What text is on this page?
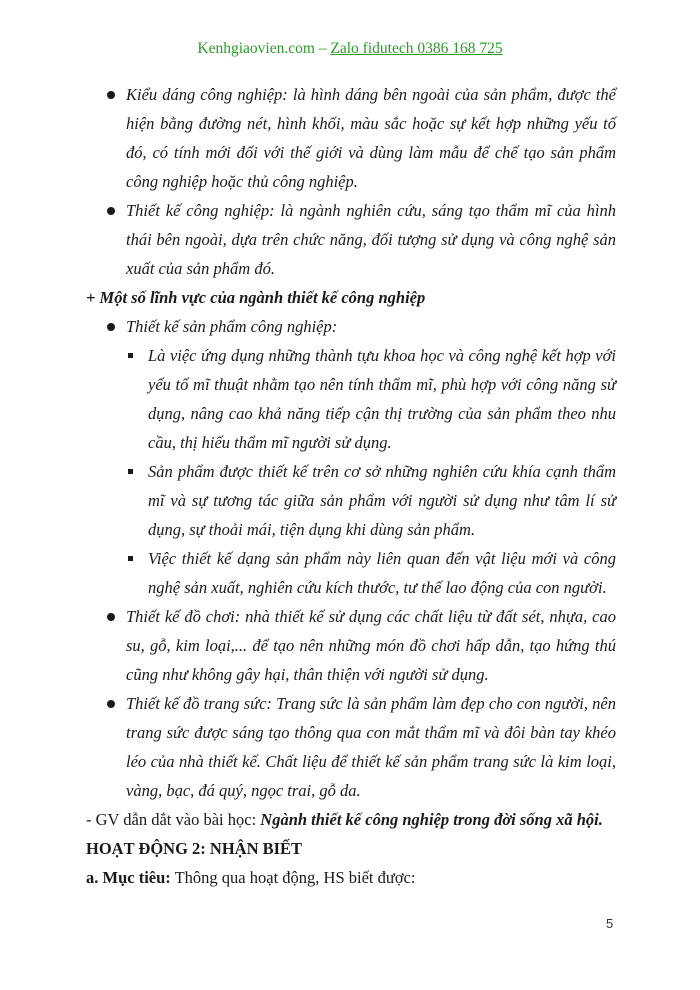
Kenhgiaovien.com – Zalo fidutech 0386 168 725
Kiểu dáng công nghiệp: là hình dáng bên ngoài của sản phẩm, được thể hiện bằng đường nét, hình khối, màu sắc hoặc sự kết hợp những yếu tố đó, có tính mới đối với thế giới và dùng làm mẫu để chế tạo sản phẩm công nghiệp hoặc thủ công nghiệp.
Thiết kế công nghiệp: là ngành nghiên cứu, sáng tạo thẩm mĩ của hình thái bên ngoài, dựa trên chức năng, đối tượng sử dụng và công nghệ sản xuất của sản phẩm đó.
+ Một số lĩnh vực của ngành thiết kế công nghiệp
Thiết kế sản phẩm công nghiệp:
Là việc ứng dụng những thành tựu khoa học và công nghệ kết hợp với yếu tố mĩ thuật nhằm tạo nên tính thẩm mĩ, phù hợp với công năng sử dụng, nâng cao khả năng tiếp cận thị trường của sản phẩm theo nhu cầu, thị hiếu thẩm mĩ người sử dụng.
Sản phẩm được thiết kế trên cơ sở những nghiên cứu khía cạnh thẩm mĩ và sự tương tác giữa sản phẩm với người sử dụng như tâm lí sử dụng, sự thoải mái, tiện dụng khi dùng sản phẩm.
Việc thiết kế dạng sản phẩm này liên quan đến vật liệu mới và công nghệ sản xuất, nghiên cứu kích thước, tư thế lao động của con người.
Thiết kế đồ chơi: nhà thiết kế sử dụng các chất liệu từ đất sét, nhựa, cao su, gỗ, kim loại,... để tạo nên những món đồ chơi hấp dẫn, tạo hứng thú cũng như không gây hại, thân thiện với người sử dụng.
Thiết kế đồ trang sức: Trang sức là sản phẩm làm đẹp cho con người, nên trang sức được sáng tạo thông qua con mắt thẩm mĩ và đôi bàn tay khéo léo của nhà thiết kế. Chất liệu để thiết kế sản phẩm trang sức là kim loại, vàng, bạc, đá quý, ngọc trai, gỗ da.
- GV dẫn dắt vào bài học: Ngành thiết kế công nghiệp trong đời sống xã hội.
HOẠT ĐỘNG 2: NHẬN BIẾT
a. Mục tiêu: Thông qua hoạt động, HS biết được:
5
